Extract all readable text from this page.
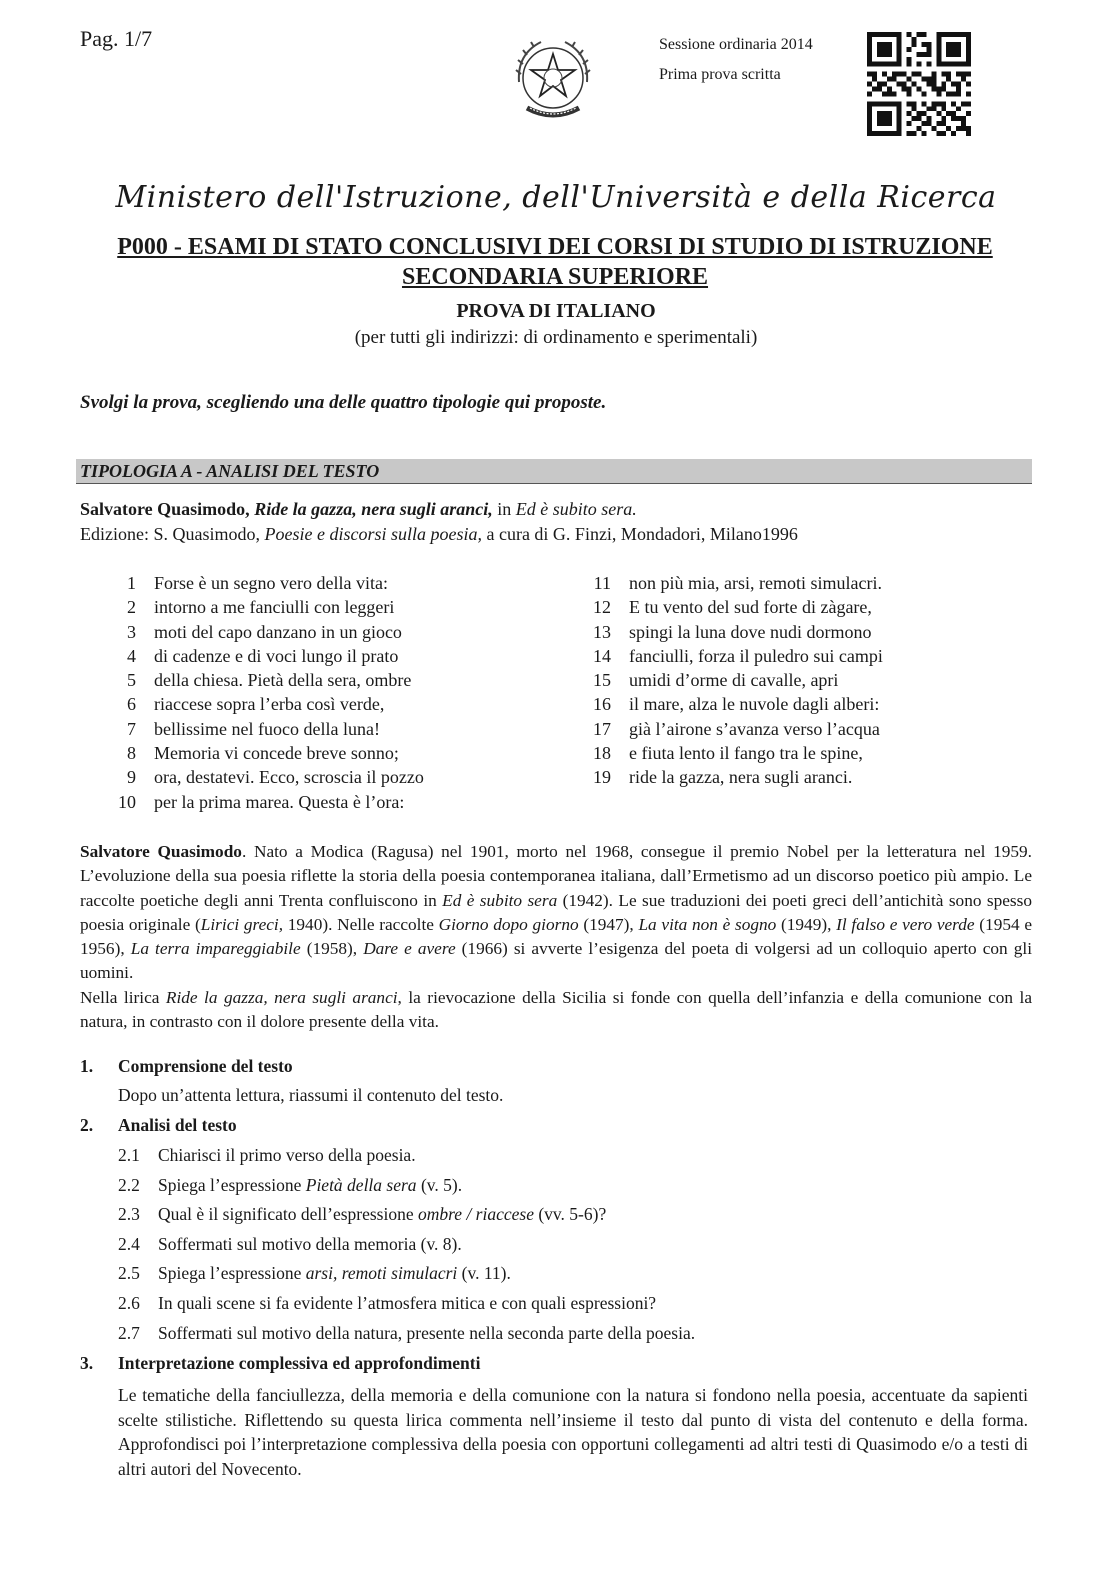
Pag. 1/7	Sessione ordinaria 2014
Prima prova scritta
Ministero dell'Istruzione, dell'Università e della Ricerca
P000 - ESAMI DI STATO CONCLUSIVI DEI CORSI DI STUDIO DI ISTRUZIONE
SECONDARIA SUPERIORE
PROVA DI ITALIANO
(per tutti gli indirizzi: di ordinamento e sperimentali)
Svolgi la prova, scegliendo una delle quattro tipologie qui proposte.
TIPOLOGIA A - ANALISI DEL TESTO
Salvatore Quasimodo, Ride la gazza, nera sugli aranci, in Ed è subito sera.
Edizione: S. Quasimodo, Poesie e discorsi sulla poesia, a cura di G. Finzi, Mondadori, Milano1996
1	Forse è un segno vero della vita:
2	intorno a me fanciulli con leggeri
3	moti del capo danzano in un gioco
4	di cadenze e di voci lungo il prato
5	della chiesa. Pietà della sera, ombre
6	riaccese sopra l’erba così verde,
7	bellissime nel fuoco della luna!
8	Memoria vi concede breve sonno;
9	ora, destatevi. Ecco, scroscia il pozzo
10	per la prima marea. Questa è l’ora:
11	non più mia, arsi, remoti simulacri.
12	E tu vento del sud forte di zàgare,
13	spingi la luna dove nudi dormono
14	fanciulli, forza il puledro sui campi
15	umidi d’orme di cavalle, apri
16	il mare, alza le nuvole dagli alberi:
17	già l’airone s’avanza verso l’acqua
18	e fiuta lento il fango tra le spine,
19	ride la gazza, nera sugli aranci.
Salvatore Quasimodo. Nato a Modica (Ragusa) nel 1901, morto nel 1968, consegue il premio Nobel per la letteratura nel 1959. L’evoluzione della sua poesia riflette la storia della poesia contemporanea italiana, dall’Ermetismo ad un discorso poetico più ampio. Le raccolte poetiche degli anni Trenta confluiscono in Ed è subito sera (1942). Le sue traduzioni dei poeti greci dell’antichità sono spesso poesia originale (Lirici greci, 1940). Nelle raccolte Giorno dopo giorno (1947), La vita non è sogno (1949), Il falso e vero verde (1954 e 1956), La terra impareggiabile (1958), Dare e avere (1966) si avverte l’esigenza del poeta di volgersi ad un colloquio aperto con gli uomini.
Nella lirica Ride la gazza, nera sugli aranci, la rievocazione della Sicilia si fonde con quella dell’infanzia e della comunione con la natura, in contrasto con il dolore presente della vita.
1. Comprensione del testo
Dopo un’attenta lettura, riassumi il contenuto del testo.
2. Analisi del testo
2.1	Chiarisci il primo verso della poesia.
2.2	Spiega l’espressione Pietà della sera (v. 5).
2.3	Qual è il significato dell’espressione ombre / riaccese (vv. 5-6)?
2.4	Soffermati sul motivo della memoria (v. 8).
2.5	Spiega l’espressione arsi, remoti simulacri (v. 11).
2.6	In quali scene si fa evidente l’atmosfera mitica e con quali espressioni?
2.7	Soffermati sul motivo della natura, presente nella seconda parte della poesia.
3. Interpretazione complessiva ed approfondimenti
Le tematiche della fanciullezza, della memoria e della comunione con la natura si fondono nella poesia, accentuate da sapienti scelte stilistiche. Riflettendo su questa lirica commenta nell’insieme il testo dal punto di vista del contenuto e della forma. Approfondisci poi l’interpretazione complessiva della poesia con opportuni collegamenti ad altri testi di Quasimodo e/o a testi di altri autori del Novecento.
